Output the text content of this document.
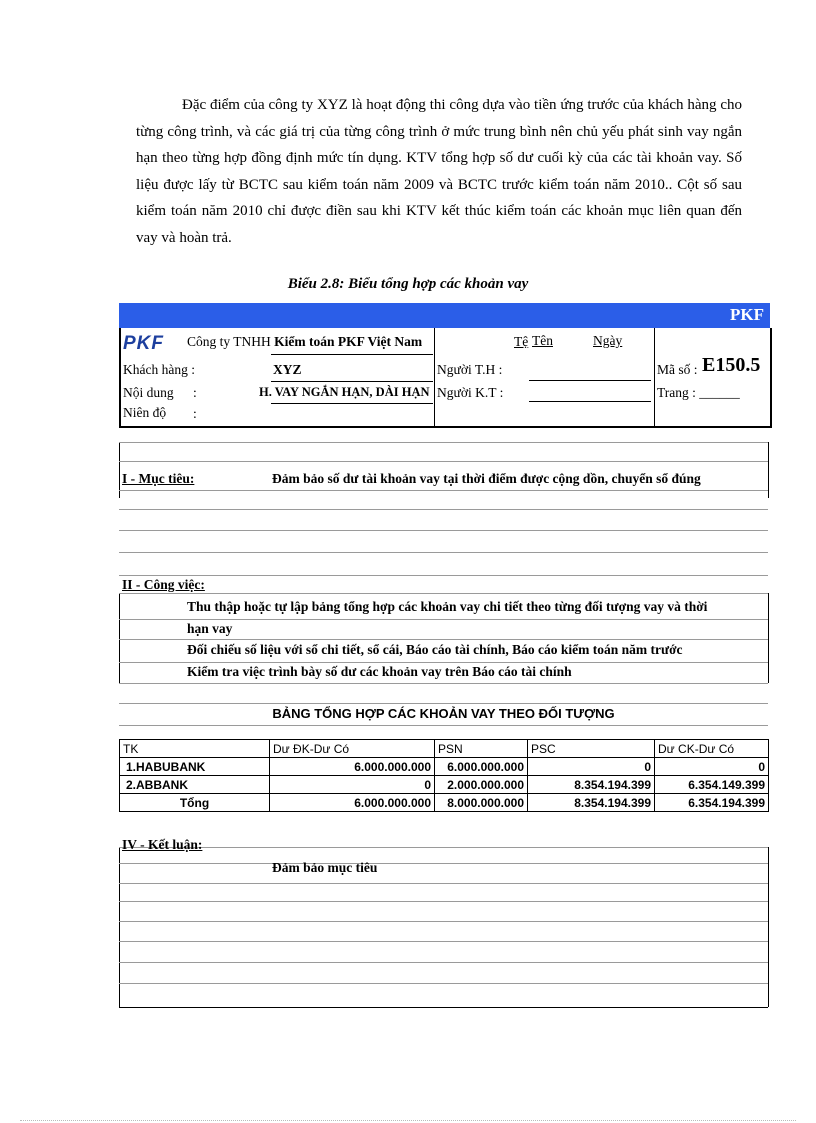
Đặc điểm của công ty XYZ là hoạt động thi công dựa vào tiền ứng trước của khách hàng cho từng công trình, và các giá trị của từng công trình ở mức trung bình nên chủ yếu phát sinh vay ngắn hạn theo từng hợp đồng định mức tín dụng. KTV tổng hợp số dư cuối kỳ của các tài khoản vay. Số liệu được lấy từ BCTC sau kiểm toán năm 2009 và BCTC trước kiểm toán năm 2010.. Cột số sau kiểm toán năm 2010 chỉ được điền sau khi KTV kết thúc kiểm toán các khoản mục liên quan đến vay và hoàn trả.

Biểu 2.8: Biểu tổng hợp các khoản vay
PKF
PKF Công ty TNHH Kiểm toán PKF Việt Nam	Tệ Tên	Ngày
Khách hàng :	XYZ
Nội dung :	H. VAY NGẮN HẠN, DÀI HẠN
Niên độ :
Người T.H :
Người K.T :
Mã số : E150.5
Trang : ______
I - Mục tiêu:	Đảm bảo số dư tài khoản vay tại thời điểm được cộng dồn, chuyển sổ đúng
II - Công việc:
Thu thập hoặc tự lập bảng tổng hợp các khoản vay chi tiết theo từng đối tượng vay và thời
hạn vay
Đối chiếu số liệu với sổ chi tiết, sổ cái, Báo cáo tài chính, Báo cáo kiểm toán năm trước
Kiểm tra việc trình bày số dư các khoản vay trên Báo cáo tài chính
BẢNG TỔNG HỢP CÁC KHOẢN VAY THEO ĐỐI TƯỢNG
TK	Dư ĐK-Dư Có	PSN	PSC	Dư CK-Dư Có
1.HABUBANK	6.000.000.000	6.000.000.000	0	0
2.ABBANK	0	2.000.000.000	8.354.194.399	6.354.149.399
Tổng	6.000.000.000	8.000.000.000	8.354.194.399	6.354.194.399
IV - Kết luận:
Đảm bảo mục tiêu
